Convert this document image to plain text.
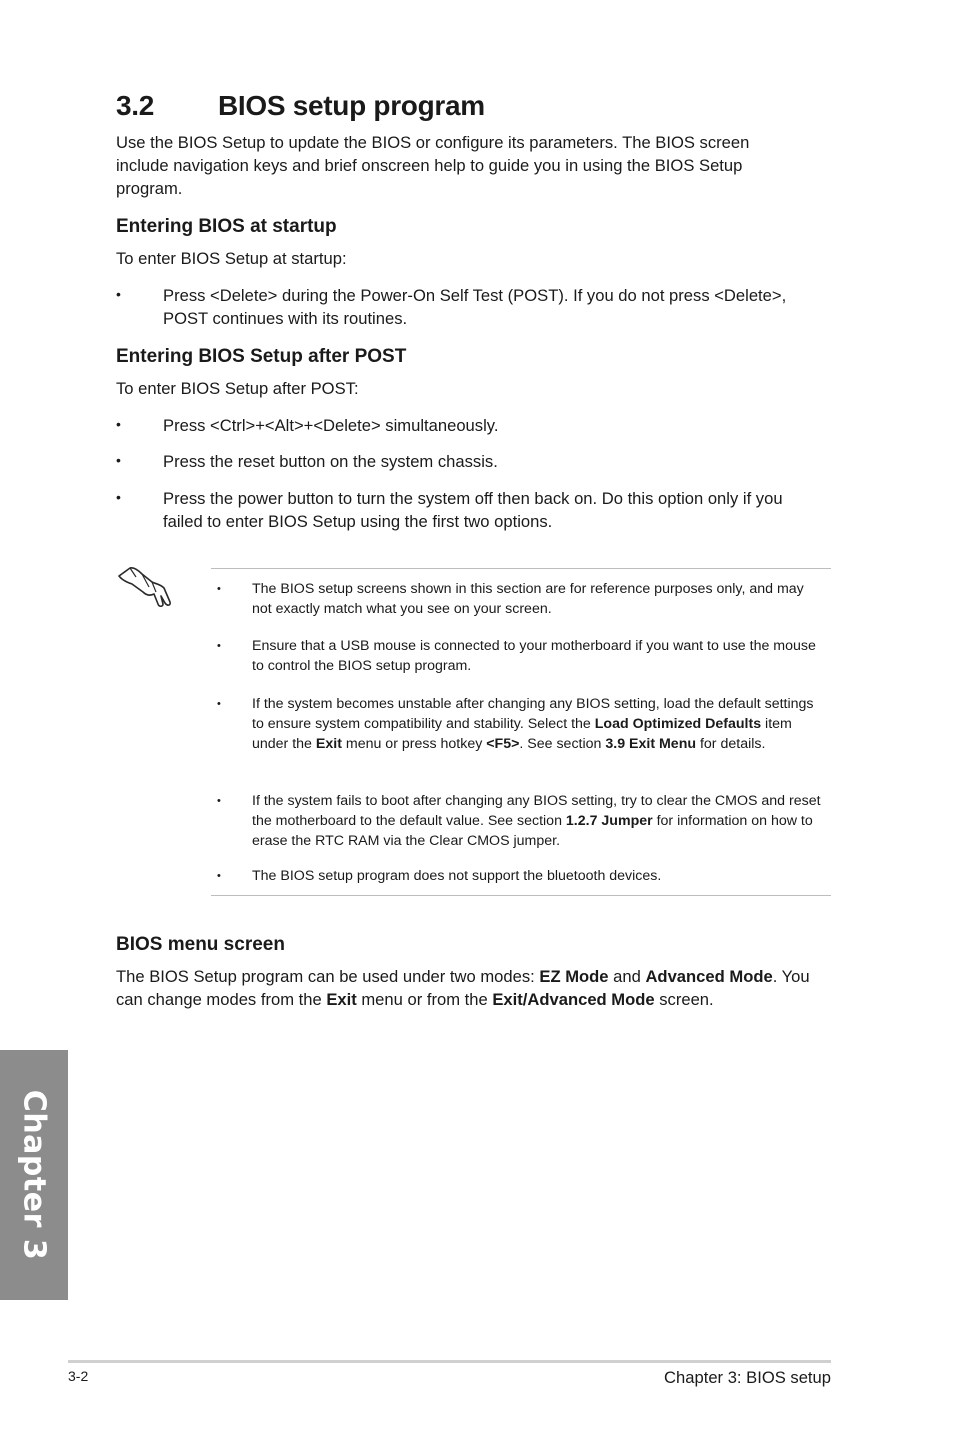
3.2 BIOS setup program
Use the BIOS Setup to update the BIOS or configure its parameters. The BIOS screen include navigation keys and brief onscreen help to guide you in using the BIOS Setup program.
Entering BIOS at startup
To enter BIOS Setup at startup:
•	Press <Delete> during the Power-On Self Test (POST). If you do not press <Delete>, POST continues with its routines.
Entering BIOS Setup after POST
To enter BIOS Setup after POST:
•	Press <Ctrl>+<Alt>+<Delete> simultaneously.
•	Press the reset button on the system chassis.
•	Press the power button to turn the system off then back on. Do this option only if you failed to enter BIOS Setup using the first two options.
• The BIOS setup screens shown in this section are for reference purposes only, and may not exactly match what you see on your screen.
• Ensure that a USB mouse is connected to your motherboard if you want to use the mouse to control the BIOS setup program.
• If the system becomes unstable after changing any BIOS setting, load the default settings to ensure system compatibility and stability. Select the Load Optimized Defaults item under the Exit menu or press hotkey <F5>. See section 3.9 Exit Menu for details.
• If the system fails to boot after changing any BIOS setting, try to clear the CMOS and reset the motherboard to the default value. See section 1.2.7 Jumper for information on how to erase the RTC RAM via the Clear CMOS jumper.
• The BIOS setup program does not support the bluetooth devices.
BIOS menu screen
The BIOS Setup program can be used under two modes: EZ Mode and Advanced Mode. You can change modes from the Exit menu or from the Exit/Advanced Mode screen.
Chapter 3
3-2	Chapter 3: BIOS setup
